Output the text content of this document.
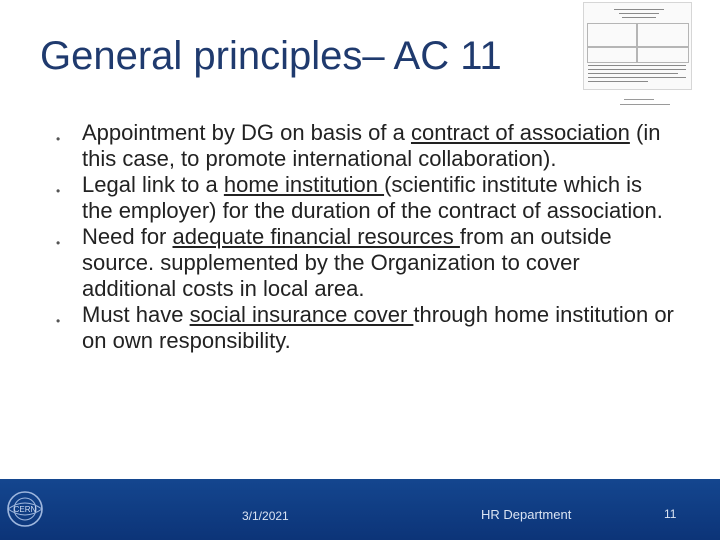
General principles– AC 11
• Appointment by DG on basis of a contract of association (in this case, to promote international collaboration).
• Legal link to a home institution (scientific institute which is the employer) for the duration of the contract of association.
• Need for adequate financial resources from an outside source. supplemented by the Organization to cover additional costs in local area.
• Must have social insurance cover through home institution or on own responsibility.
CERN	3/1/2021	HR Department	11
